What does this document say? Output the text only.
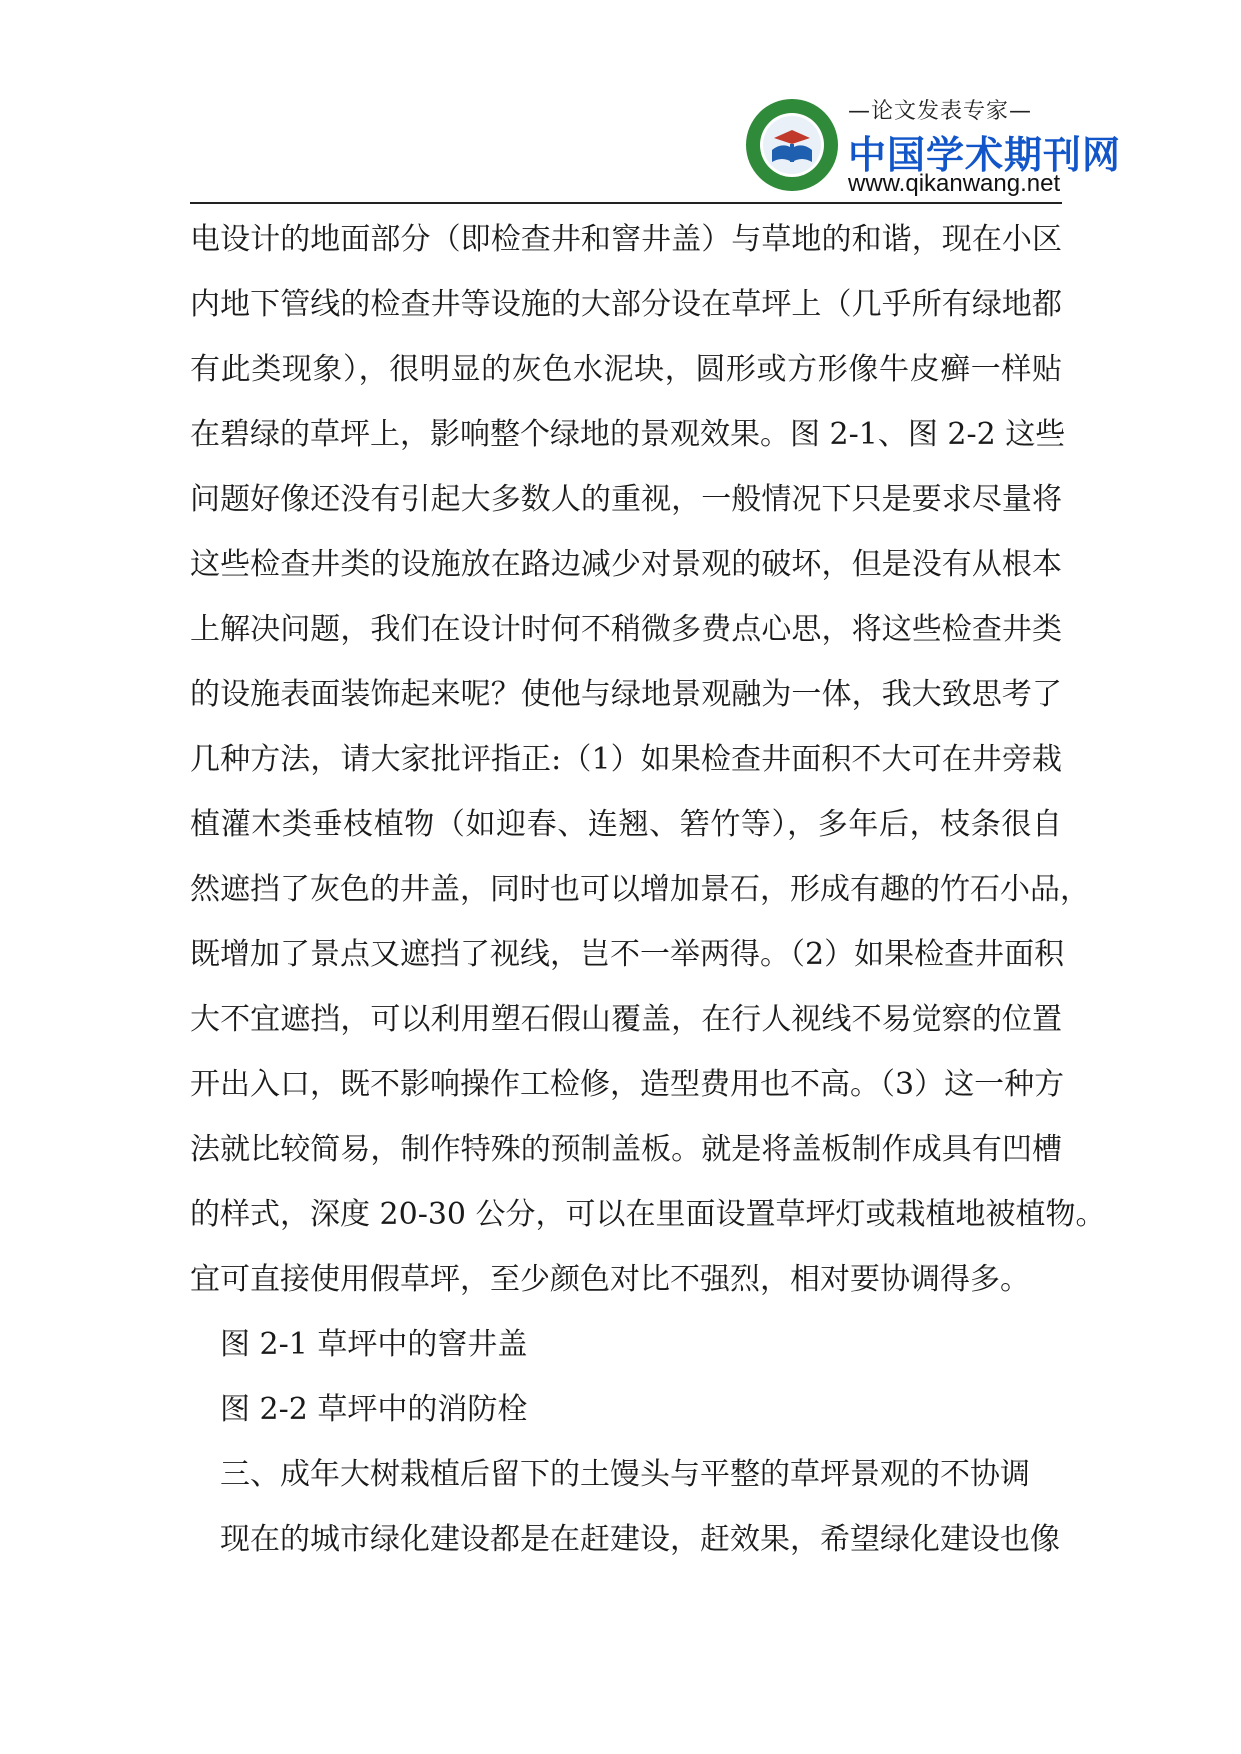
—论文发表专家—
中国学术期刊网
www.qikanwang.net
电设计的地面部分（即检查井和窨井盖）与草地的和谐，现在小区
内地下管线的检查井等设施的大部分设在草坪上（几乎所有绿地都
有此类现象），很明显的灰色水泥块，圆形或方形像牛皮癣一样贴
在碧绿的草坪上，影响整个绿地的景观效果。图 2-1、图 2-2 这些
问题好像还没有引起大多数人的重视，一般情况下只是要求尽量将
这些检查井类的设施放在路边减少对景观的破坏，但是没有从根本
上解决问题，我们在设计时何不稍微多费点心思，将这些检查井类
的设施表面装饰起来呢？使他与绿地景观融为一体，我大致思考了
几种方法，请大家批评指正:（1）如果检查井面积不大可在井旁栽
植灌木类垂枝植物（如迎春、连翘、箬竹等），多年后，枝条很自
然遮挡了灰色的井盖，同时也可以增加景石，形成有趣的竹石小品，
既增加了景点又遮挡了视线，岂不一举两得。（2）如果检查井面积
大不宜遮挡，可以利用塑石假山覆盖，在行人视线不易觉察的位置
开出入口，既不影响操作工检修，造型费用也不高。（3）这一种方
法就比较简易，制作特殊的预制盖板。就是将盖板制作成具有凹槽
的样式，深度 20-30 公分，可以在里面设置草坪灯或栽植地被植物。
宜可直接使用假草坪，至少颜色对比不强烈，相对要协调得多。
图 2-1 草坪中的窨井盖
图 2-2 草坪中的消防栓
三、成年大树栽植后留下的土馒头与平整的草坪景观的不协调
现在的城市绿化建设都是在赶建设，赶效果，希望绿化建设也像
